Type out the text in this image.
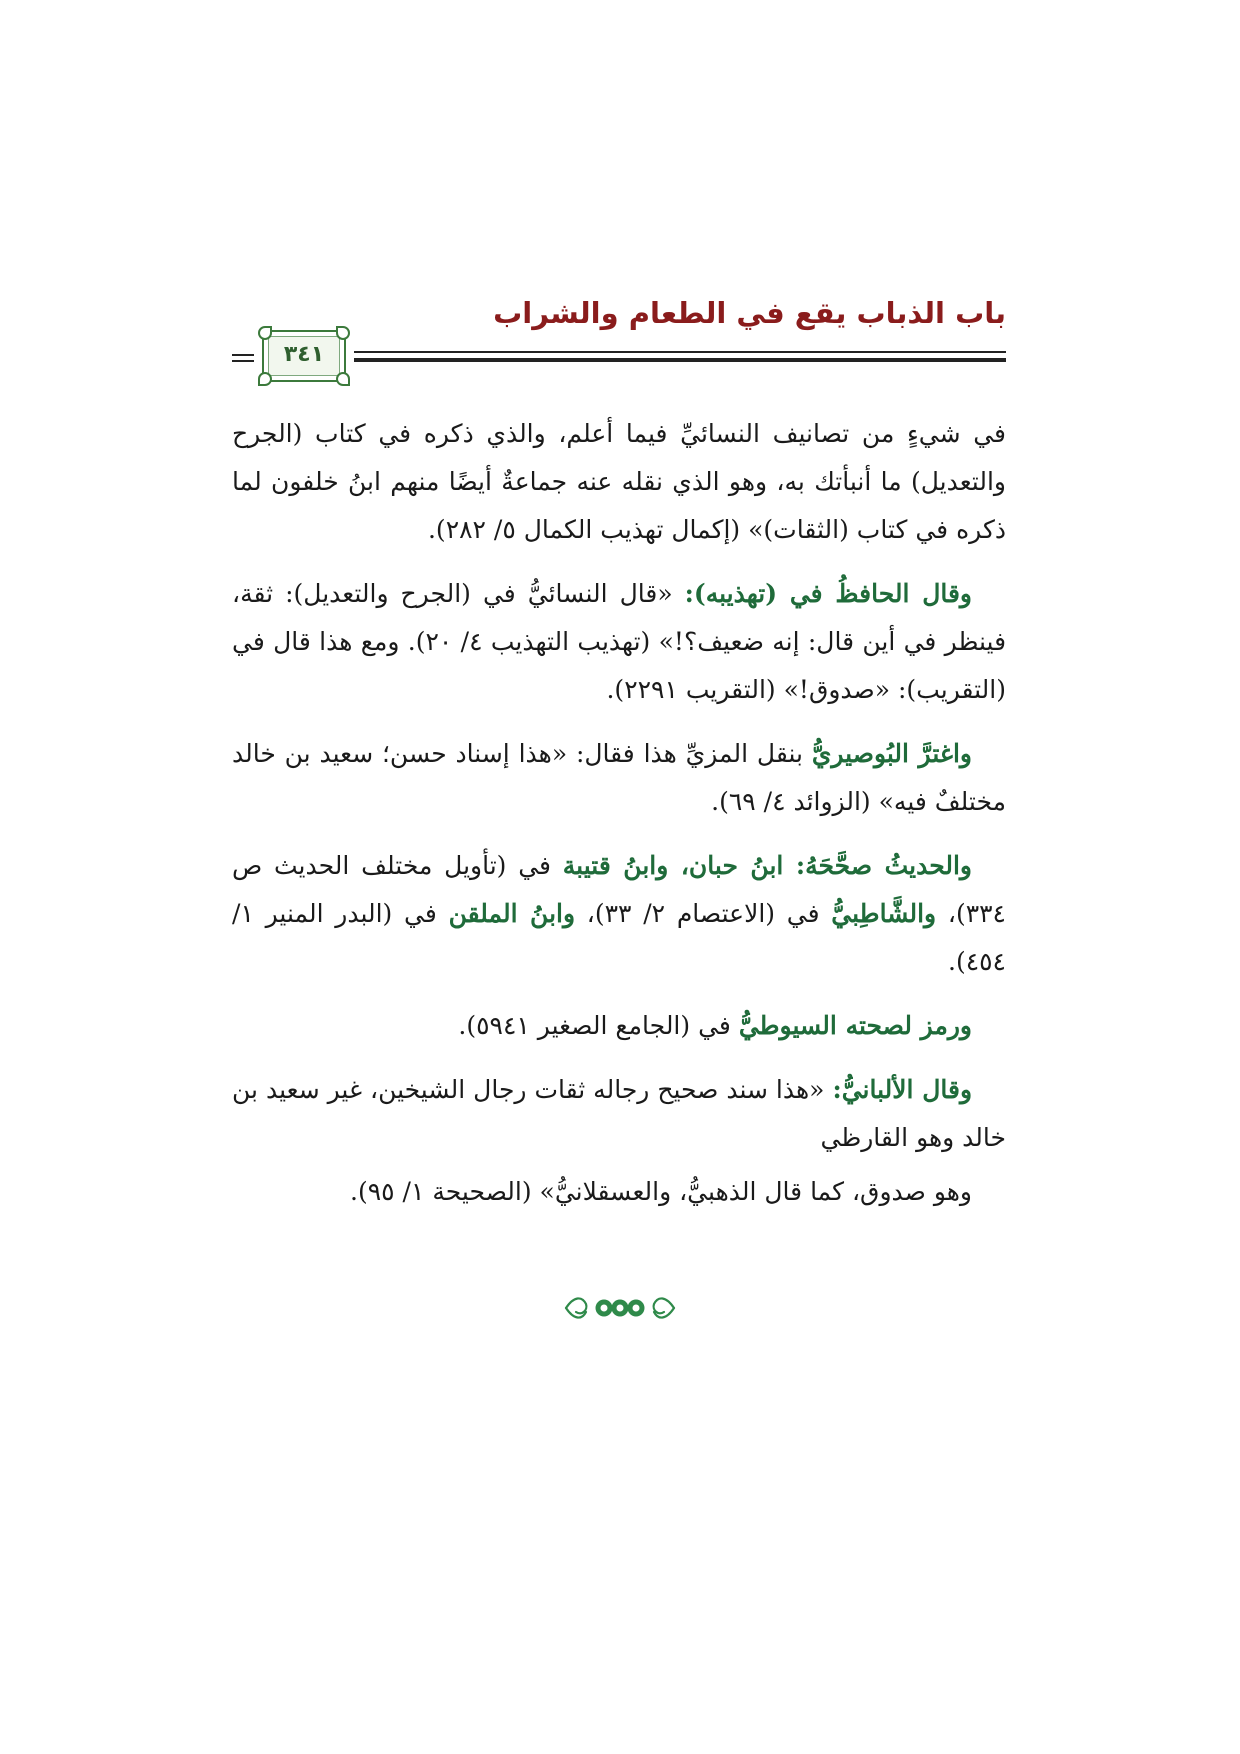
باب الذباب يقع في الطعام والشراب
٣٤١

في شيءٍ من تصانيف النسائيِّ فيما أعلم، والذي ذكره في كتاب (الجرح والتعديل) ما أنبأتك به، وهو الذي نقله عنه جماعةٌ أيضًا منهم ابنُ خلفون لما ذكره في كتاب (الثقات)» (إكمال تهذيب الكمال ٥/ ٢٨٢).

وقال الحافظُ في (تهذيبه): «قال النسائيُّ في (الجرح والتعديل): ثقة، فينظر في أين قال: إنه ضعيف؟!» (تهذيب التهذيب ٤/ ٢٠). ومع هذا قال في (التقريب): «صدوق!» (التقريب ٢٢٩١).

واغترَّ البُوصيريُّ بنقل المزيِّ هذا فقال: «هذا إسناد حسن؛ سعيد بن خالد مختلفٌ فيه» (الزوائد ٤/ ٦٩).

والحديثُ صحَّحَهُ: ابنُ حبان، وابنُ قتيبة في (تأويل مختلف الحديث ص ٣٣٤)، والشَّاطِبيُّ في (الاعتصام ٢/ ٣٣)، وابنُ الملقن في (البدر المنير ١/ ٤٥٤).

ورمز لصحته السيوطيُّ في (الجامع الصغير ٥٩٤١).

وقال الألبانيُّ: «هذا سند صحيح رجاله ثقات رجال الشيخين، غير سعيد بن خالد وهو القارظي

وهو صدوق، كما قال الذهبيُّ، والعسقلانيُّ» (الصحيحة ١/ ٩٥).
